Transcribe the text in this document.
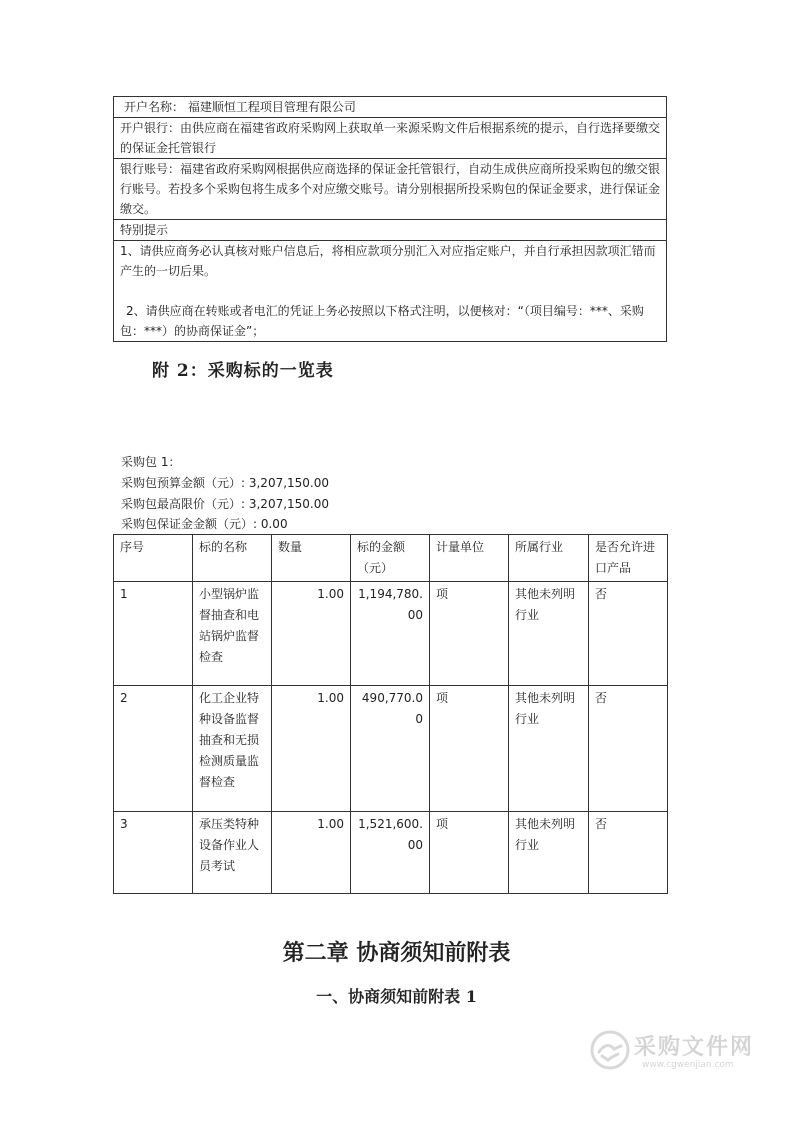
开户名称： 福建顺恒工程项目管理有限公司
开户银行：由供应商在福建省政府采购网上获取单一来源采购文件后根据系统的提示，自行选择要缴交的保证金托管银行
银行账号：福建省政府采购网根据供应商选择的保证金托管银行，自动生成供应商所投采购包的缴交银行账号。若投多个采购包将生成多个对应缴交账号。请分别根据所投采购包的保证金要求，进行保证金缴交。
特别提示

1、请供应商务必认真核对账户信息后，将相应款项分别汇入对应指定账户，并自行承担因款项汇错而产生的一切后果。
2、请供应商在转账或者电汇的凭证上务必按照以下格式注明，以便核对：“（项目编号：***、采购包：***）的协商保证金”；
附 2：采购标的一览表
采购包 1：
采购包预算金额（元）: 3,207,150.00
采购包最高限价（元）: 3,207,150.00
采购包保证金金额（元）: 0.00
序号	标的名称	数量	标的金额（元）	计量单位	所属行业	是否允许进口产品
1	小型锅炉监督抽查和电站锅炉监督检查	1.00	1,194,780.00	项	其他未列明行业	否
2	化工企业特种设备监督抽查和无损检测质量监督检查	1.00	490,770.00	项	其他未列明行业	否
3	承压类特种设备作业人员考试	1.00	1,521,600.00	项	其他未列明行业	否
第二章 协商须知前附表
一、协商须知前附表 1
采购文件网
www.cgwenjian.com
